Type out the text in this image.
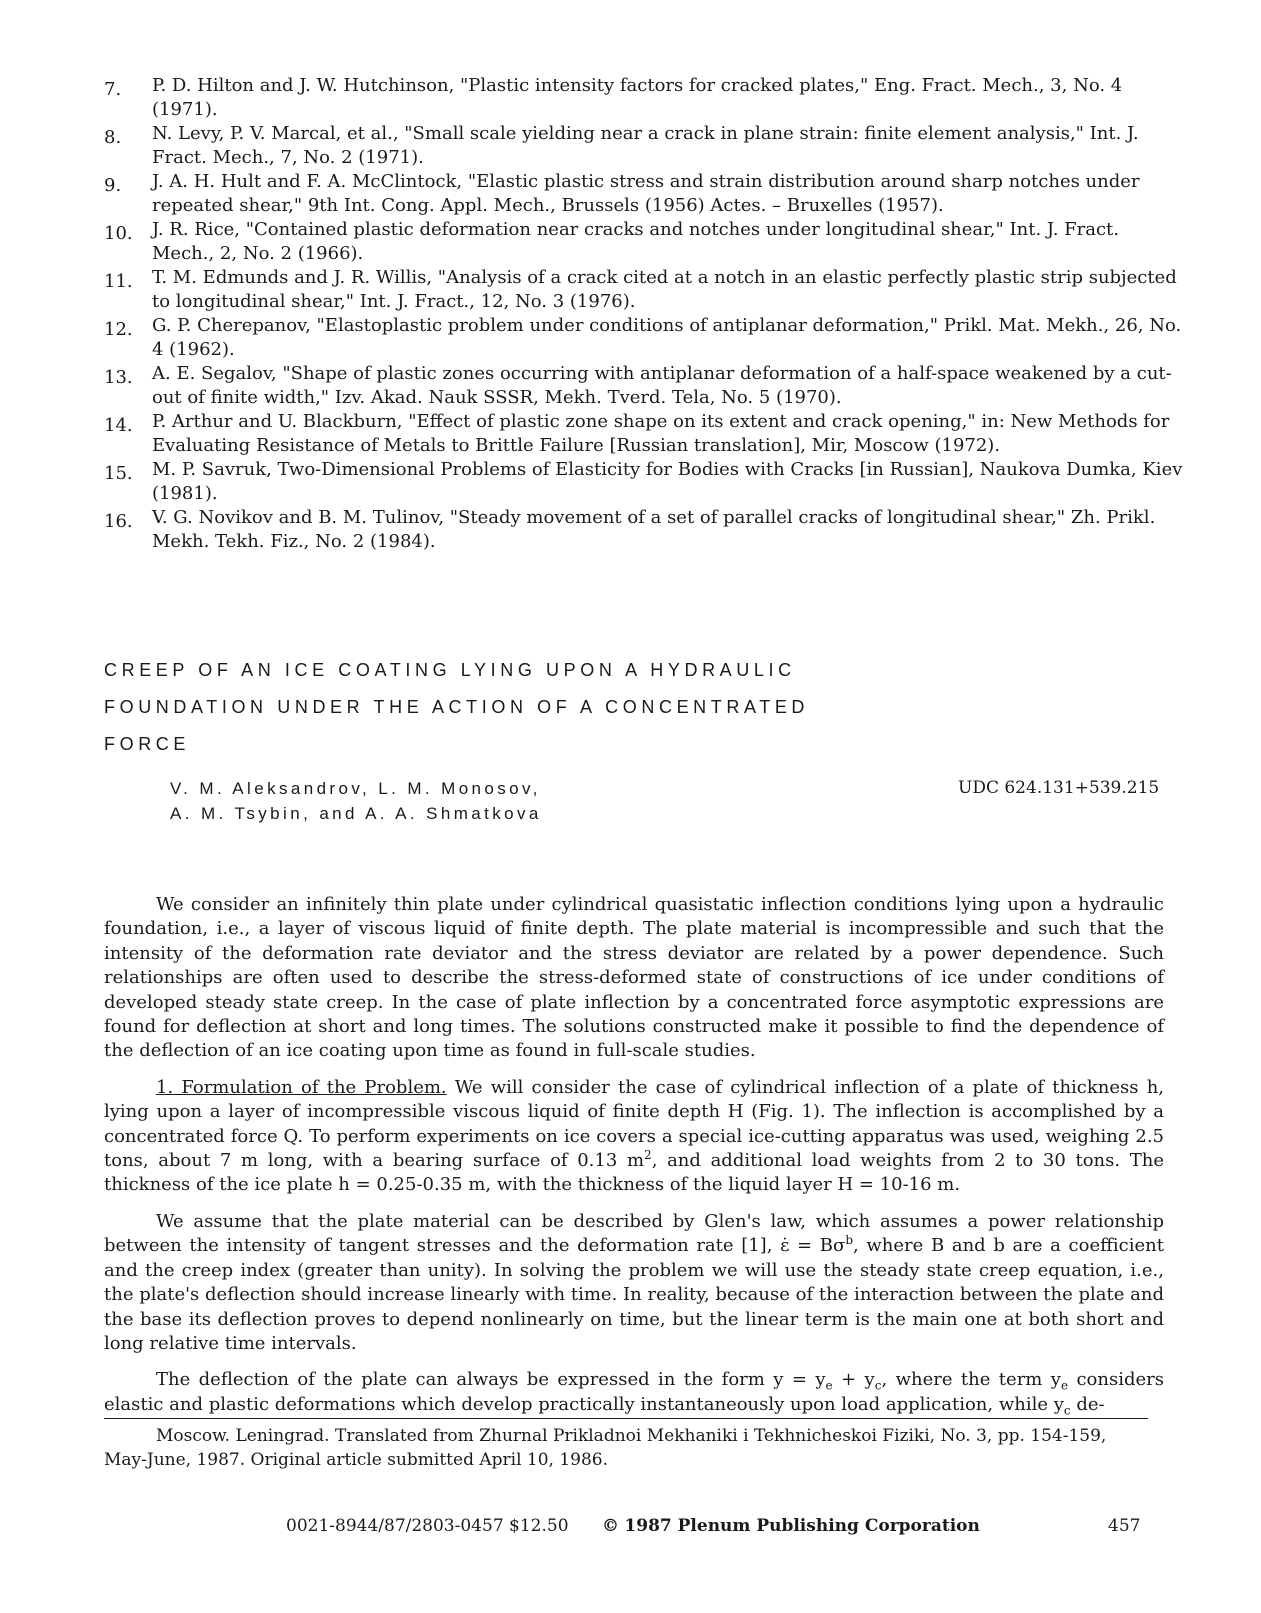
7.	P. D. Hilton and J. W. Hutchinson, "Plastic intensity factors for cracked plates," Eng. Fract. Mech., 3, No. 4 (1971).
8.	N. Levy, P. V. Marcal, et al., "Small scale yielding near a crack in plane strain: finite element analysis," Int. J. Fract. Mech., 7, No. 2 (1971).
9.	J. A. H. Hult and F. A. McClintock, "Elastic plastic stress and strain distribution around sharp notches under repeated shear," 9th Int. Cong. Appl. Mech., Brussels (1956) Actes. – Bruxelles (1957).
10.	J. R. Rice, "Contained plastic deformation near cracks and notches under longitudinal shear," Int. J. Fract. Mech., 2, No. 2 (1966).
11.	T. M. Edmunds and J. R. Willis, "Analysis of a crack cited at a notch in an elastic perfectly plastic strip subjected to longitudinal shear," Int. J. Fract., 12, No. 3 (1976).
12.	G. P. Cherepanov, "Elastoplastic problem under conditions of antiplanar deformation," Prikl. Mat. Mekh., 26, No. 4 (1962).
13.	A. E. Segalov, "Shape of plastic zones occurring with antiplanar deformation of a half-space weakened by a cut-out of finite width," Izv. Akad. Nauk SSSR, Mekh. Tverd. Tela, No. 5 (1970).
14.	P. Arthur and U. Blackburn, "Effect of plastic zone shape on its extent and crack opening," in: New Methods for Evaluating Resistance of Metals to Brittle Failure [Russian translation], Mir, Moscow (1972).
15.	M. P. Savruk, Two-Dimensional Problems of Elasticity for Bodies with Cracks [in Russian], Naukova Dumka, Kiev (1981).
16.	V. G. Novikov and B. M. Tulinov, "Steady movement of a set of parallel cracks of longitudinal shear," Zh. Prikl. Mekh. Tekh. Fiz., No. 2 (1984).
CREEP OF AN ICE COATING LYING UPON A HYDRAULIC
FOUNDATION UNDER THE ACTION OF A CONCENTRATED
FORCE
V. M. Aleksandrov, L. M. Monosov,
A. M. Tsybin, and A. A. Shmatkova
UDC 624.131+539.215

We consider an infinitely thin plate under cylindrical quasistatic inflection conditions lying upon a hydraulic foundation, i.e., a layer of viscous liquid of finite depth. The plate material is incompressible and such that the intensity of the deformation rate deviator and the stress deviator are related by a power dependence. Such relationships are often used to describe the stress-deformed state of constructions of ice under conditions of developed steady state creep. In the case of plate inflection by a concentrated force asymptotic expressions are found for deflection at short and long times. The solutions constructed make it possible to find the dependence of the deflection of an ice coating upon time as found in full-scale studies.

1. Formulation of the Problem. We will consider the case of cylindrical inflection of a plate of thickness h, lying upon a layer of incompressible viscous liquid of finite depth H (Fig. 1). The inflection is accomplished by a concentrated force Q. To perform experiments on ice covers a special ice-cutting apparatus was used, weighing 2.5 tons, about 7 m long, with a bearing surface of 0.13 $m^2$, and additional load weights from 2 to 30 tons. The thickness of the ice plate h = 0.25-0.35 m, with the thickness of the liquid layer H = 10-16 m.

We assume that the plate material can be described by Glen's law, which assumes a power relationship between the intensity of tangent stresses and the deformation rate [1], ε̇ = $B\sigma^b$, where B and b are a coefficient and the creep index (greater than unity). In solving the problem we will use the steady state creep equation, i.e., the plate's deflection should increase linearly with time. In reality, because of the interaction between the plate and the base its deflection proves to depend nonlinearly on time, but the linear term is the main one at both short and long relative time intervals.

The deflection of the plate can always be expressed in the form $y = y_e + y_c$, where the term $y_e$ considers elastic and plastic deformations which develop practically instantaneously upon load application, while $y_c$ de-

Moscow. Leningrad. Translated from Zhurnal Prikladnoi Mekhaniki i Tekhnicheskoi Fiziki, No. 3, pp. 154-159, May-June, 1987. Original article submitted April 10, 1986.
0021-8944/87/2803-0457 $12.50 © 1987 Plenum Publishing Corporation	457
